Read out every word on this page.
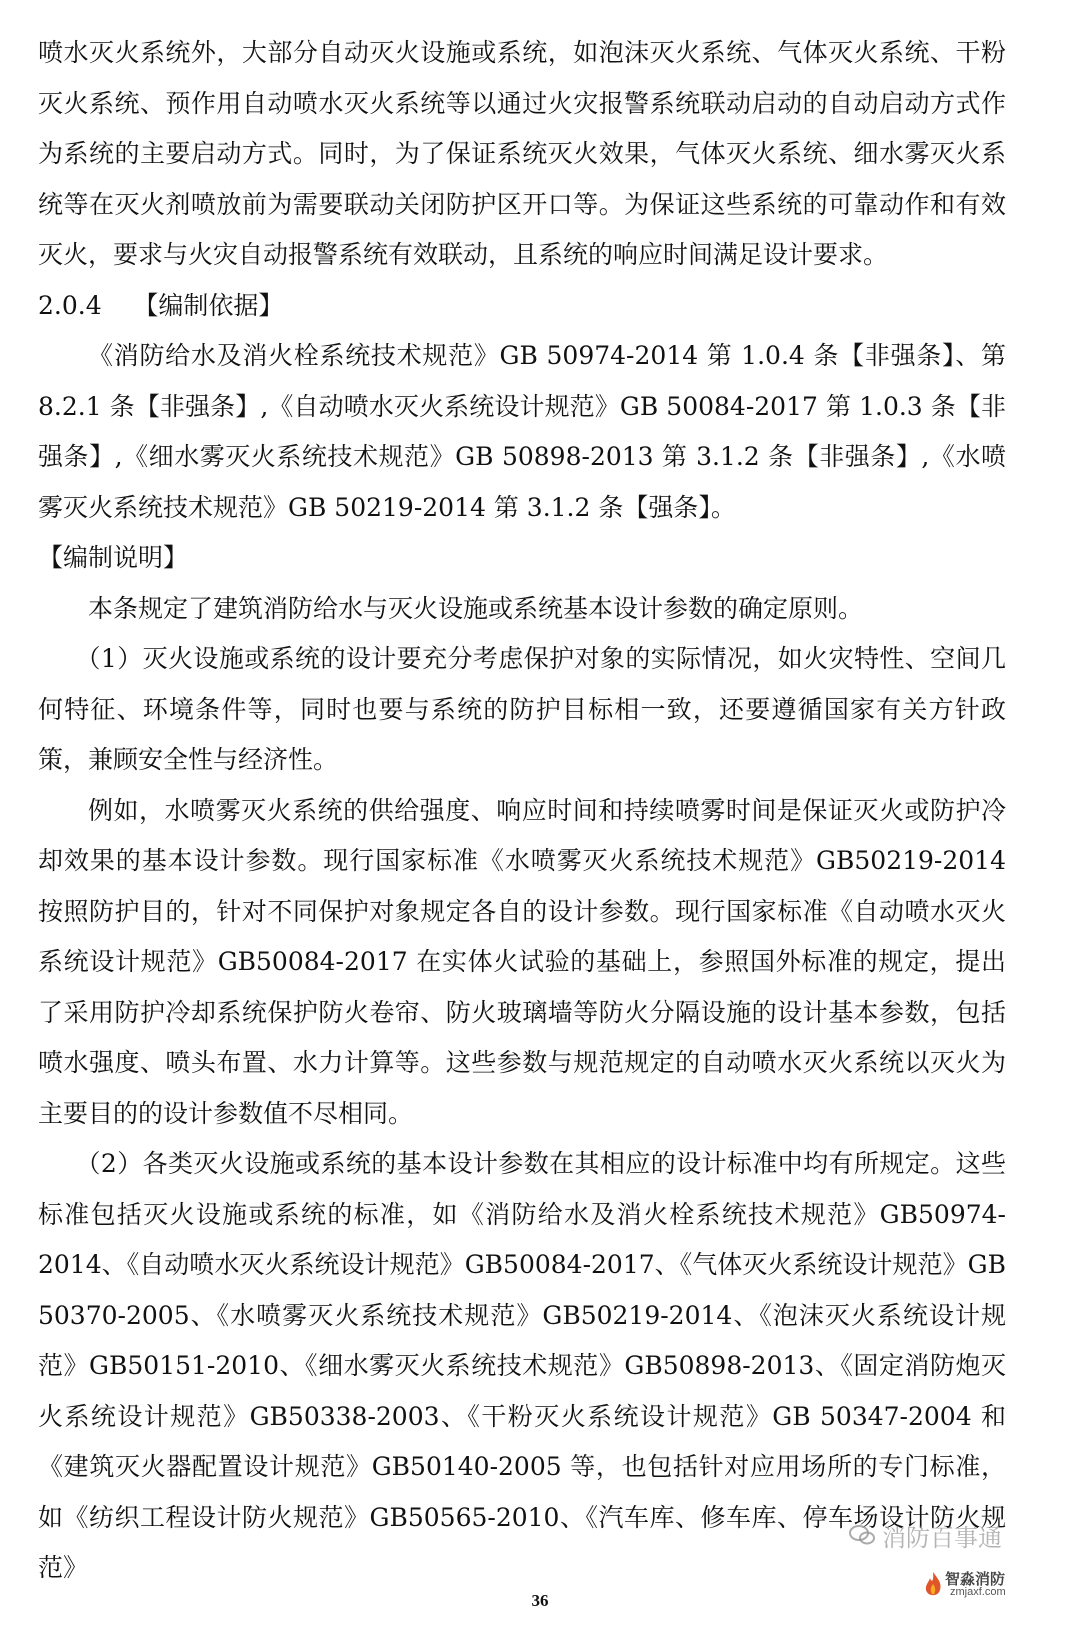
喷水灭火系统外，大部分自动灭火设施或系统，如泡沫灭火系统、气体灭火系统、干粉灭火系统、预作用自动喷水灭火系统等以通过火灾报警系统联动启动的自动启动方式作为系统的主要启动方式。同时，为了保证系统灭火效果，气体灭火系统、细水雾灭火系统等在灭火剂喷放前为需要联动关闭防护区开口等。为保证这些系统的可靠动作和有效灭火，要求与火灾自动报警系统有效联动，且系统的响应时间满足设计要求。

2.0.4 【编制依据】

《消防给水及消火栓系统技术规范》GB 50974-2014 第 1.0.4 条【非强条】、第 8.2.1 条【非强条】,《自动喷水灭火系统设计规范》GB 50084-2017 第 1.0.3 条【非强条】,《细水雾灭火系统技术规范》GB 50898-2013 第 3.1.2 条【非强条】,《水喷雾灭火系统技术规范》GB 50219-2014 第 3.1.2 条【强条】。

【编制说明】

本条规定了建筑消防给水与灭火设施或系统基本设计参数的确定原则。

（1）灭火设施或系统的设计要充分考虑保护对象的实际情况，如火灾特性、空间几何特征、环境条件等，同时也要与系统的防护目标相一致，还要遵循国家有关方针政策，兼顾安全性与经济性。

例如，水喷雾灭火系统的供给强度、响应时间和持续喷雾时间是保证灭火或防护冷却效果的基本设计参数。现行国家标准《水喷雾灭火系统技术规范》GB50219-2014 按照防护目的，针对不同保护对象规定各自的设计参数。现行国家标准《自动喷水灭火系统设计规范》GB50084-2017 在实体火试验的基础上，参照国外标准的规定，提出了采用防护冷却系统保护防火卷帘、防火玻璃墙等防火分隔设施的设计基本参数，包括喷水强度、喷头布置、水力计算等。这些参数与规范规定的自动喷水灭火系统以灭火为主要目的的设计参数值不尽相同。

（2）各类灭火设施或系统的基本设计参数在其相应的设计标准中均有所规定。这些标准包括灭火设施或系统的标准，如《消防给水及消火栓系统技术规范》GB50974-2014、《自动喷水灭火系统设计规范》GB50084-2017、《气体灭火系统设计规范》GB 50370-2005、《水喷雾灭火系统技术规范》GB50219-2014、《泡沫灭火系统设计规范》GB50151-2010、《细水雾灭火系统技术规范》GB50898-2013、《固定消防炮灭火系统设计规范》GB50338-2003、《干粉灭火系统设计规范》GB 50347-2004 和《建筑灭火器配置设计规范》GB50140-2005 等，也包括针对应用场所的专门标准，如《纺织工程设计防火规范》GB50565-2010、《汽车库、修车库、停车场设计防火规范》

消防百事通
智淼消防
zmjaxf.com
36
